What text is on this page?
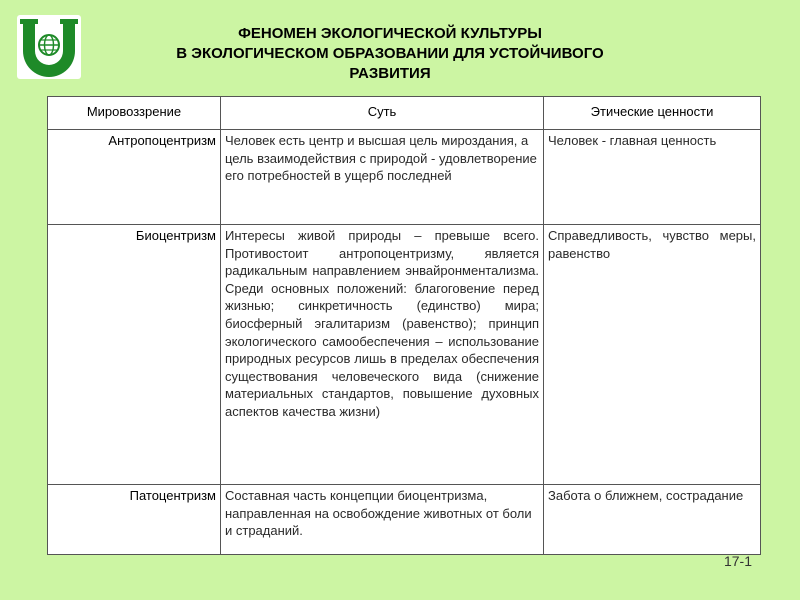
ФЕНОМЕН ЭКОЛОГИЧЕСКОЙ КУЛЬТУРЫ
В ЭКОЛОГИЧЕСКОМ ОБРАЗОВАНИИ ДЛЯ УСТОЙЧИВОГО
РАЗВИТИЯ
Мировоззрение	Суть	Этические ценности
Антропоцентризм	Человек есть центр и высшая цель мироздания, а цель взаимодействия с природой - удовлетворение его потребностей в ущерб последней	Человек - главная ценность
Биоцентризм	Интересы живой природы – превыше всего. Противостоит антропоцентризму, является радикальным направлением энвайронментализма. Среди основных положений: благоговение перед жизнью; синкретичность (единство) мира; биосферный эгалитаризм (равенство); принцип экологического самообеспечения – использование природных ресурсов лишь в пределах обеспечения существования человеческого вида (снижение материальных стандартов, повышение духовных аспектов качества жизни)	Справедливость, чувство меры, равенство
Патоцентризм	Составная часть концепции биоцентризма, направленная на освобождение животных от боли и страданий.	Забота о ближнем, сострадание
17-1
